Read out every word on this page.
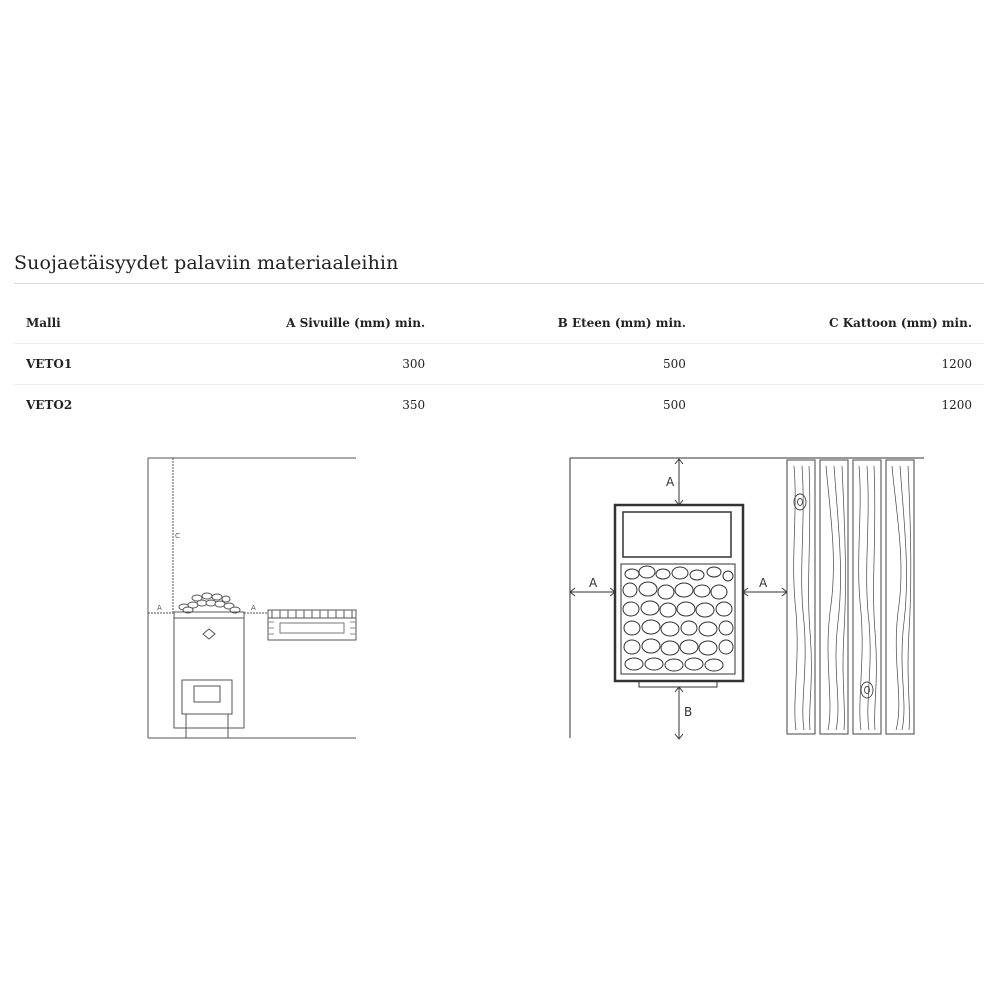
Suojaetäisyydet palaviin materiaaleihin
Malli	A Sivuille (mm) min.	B Eteen (mm) min.	C Kattoon (mm) min.
VETO1	300	500	1200
VETO2	350	500	1200
C
A	A
A
A	A
B
